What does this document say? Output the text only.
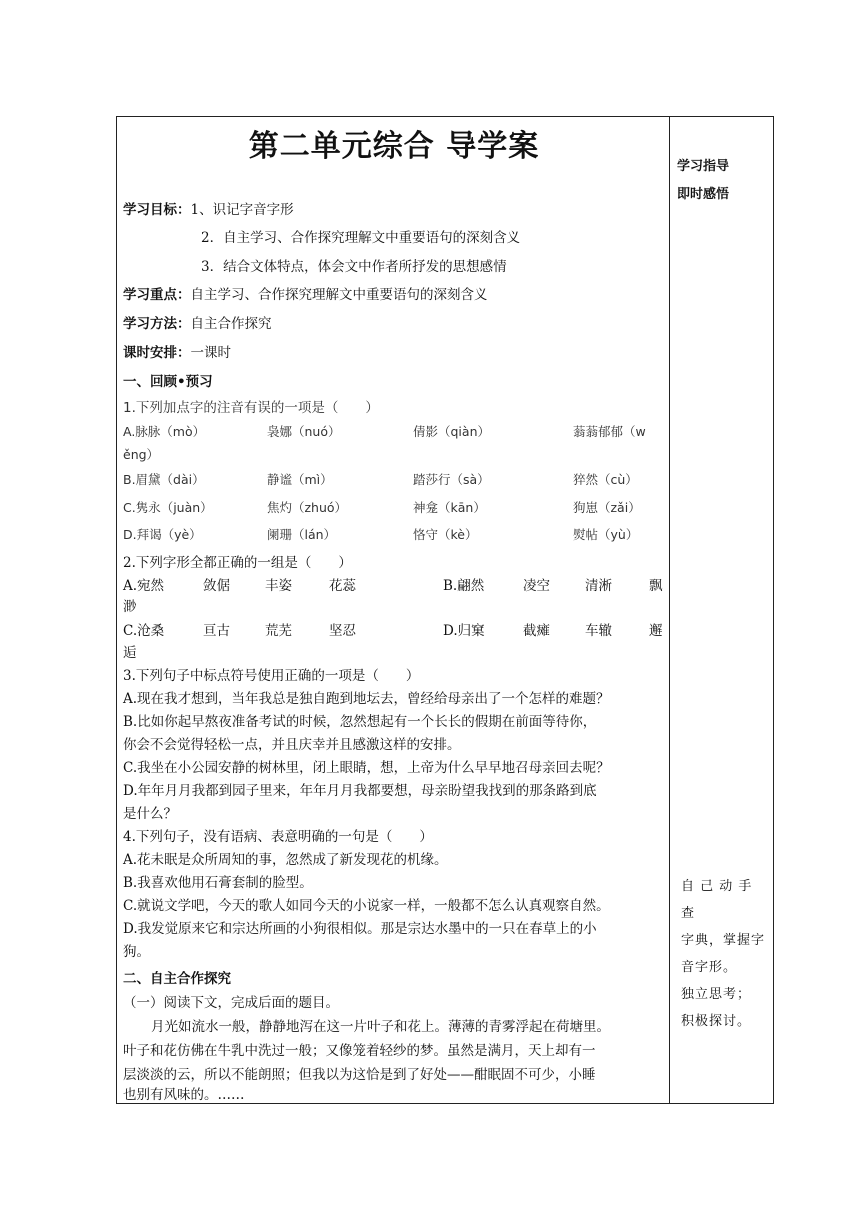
第二单元综合 导学案
学习目标：1、识记字音字形
2．自主学习、合作探究理解文中重要语句的深刻含义
3．结合文体特点，体会文中作者所抒发的思想感情
学习重点：自主学习、合作探究理解文中重要语句的深刻含义
学习方法：自主合作探究
课时安排：一课时
一、回顾•预习
1.下列加点字的注音有误的一项是（　　）
A.脉脉（mò）	袅娜（nuó）	倩影（qiàn）	蓊蓊郁郁（w
ěng）
B.眉黛（dài）	静谧（mì）	踏莎行（sà）	猝然（cù）
C.隽永（juàn）	焦灼（zhuó）	神龛（kān）	狗崽（zǎi）
D.拜谒（yè）	阑珊（lán）	恪守（kè）	熨帖（yù）
2.下列字形全都正确的一组是（　　）
A.宛然	敛倨	丰姿	花蕊	B.翩然	凌空	清淅	飘
渺
C.沧桑	亘古	荒芜	坚忍	D.归窠	截瘫	车辙	邂
逅
3.下列句子中标点符号使用正确的一项是（　　）
A.现在我才想到，当年我总是独自跑到地坛去，曾经给母亲出了一个怎样的难题？
B.比如你起早熬夜准备考试的时候，忽然想起有一个长长的假期在前面等待你，
你会不会觉得轻松一点，并且庆幸并且感激这样的安排。
C.我坐在小公园安静的树林里，闭上眼睛，想，上帝为什么早早地召母亲回去呢？
D.年年月月我都到园子里来，年年月月我都要想，母亲盼望我找到的那条路到底
是什么？
4.下列句子，没有语病、表意明确的一句是（　　）
A.花未眠是众所周知的事，忽然成了新发现花的机缘。
B.我喜欢他用石膏套制的脸型。
C.就说文学吧，今天的歌人如同今天的小说家一样，一般都不怎么认真观察自然。
D.我发觉原来它和宗达所画的小狗很相似。那是宗达水墨中的一只在春草上的小
狗。
二、自主合作探究
（一）阅读下文，完成后面的题目。
月光如流水一般，静静地泻在这一片叶子和花上。薄薄的青雾浮起在荷塘里。
叶子和花仿佛在牛乳中洗过一般；又像笼着轻纱的梦。虽然是满月，天上却有一
层淡淡的云，所以不能朗照；但我以为这恰是到了好处——酣眠固不可少，小睡
也别有风味的。……
学习指导
即时感悟
自 己 动 手 查
字典，掌握字
音字形。
独立思考；
积极探讨。
